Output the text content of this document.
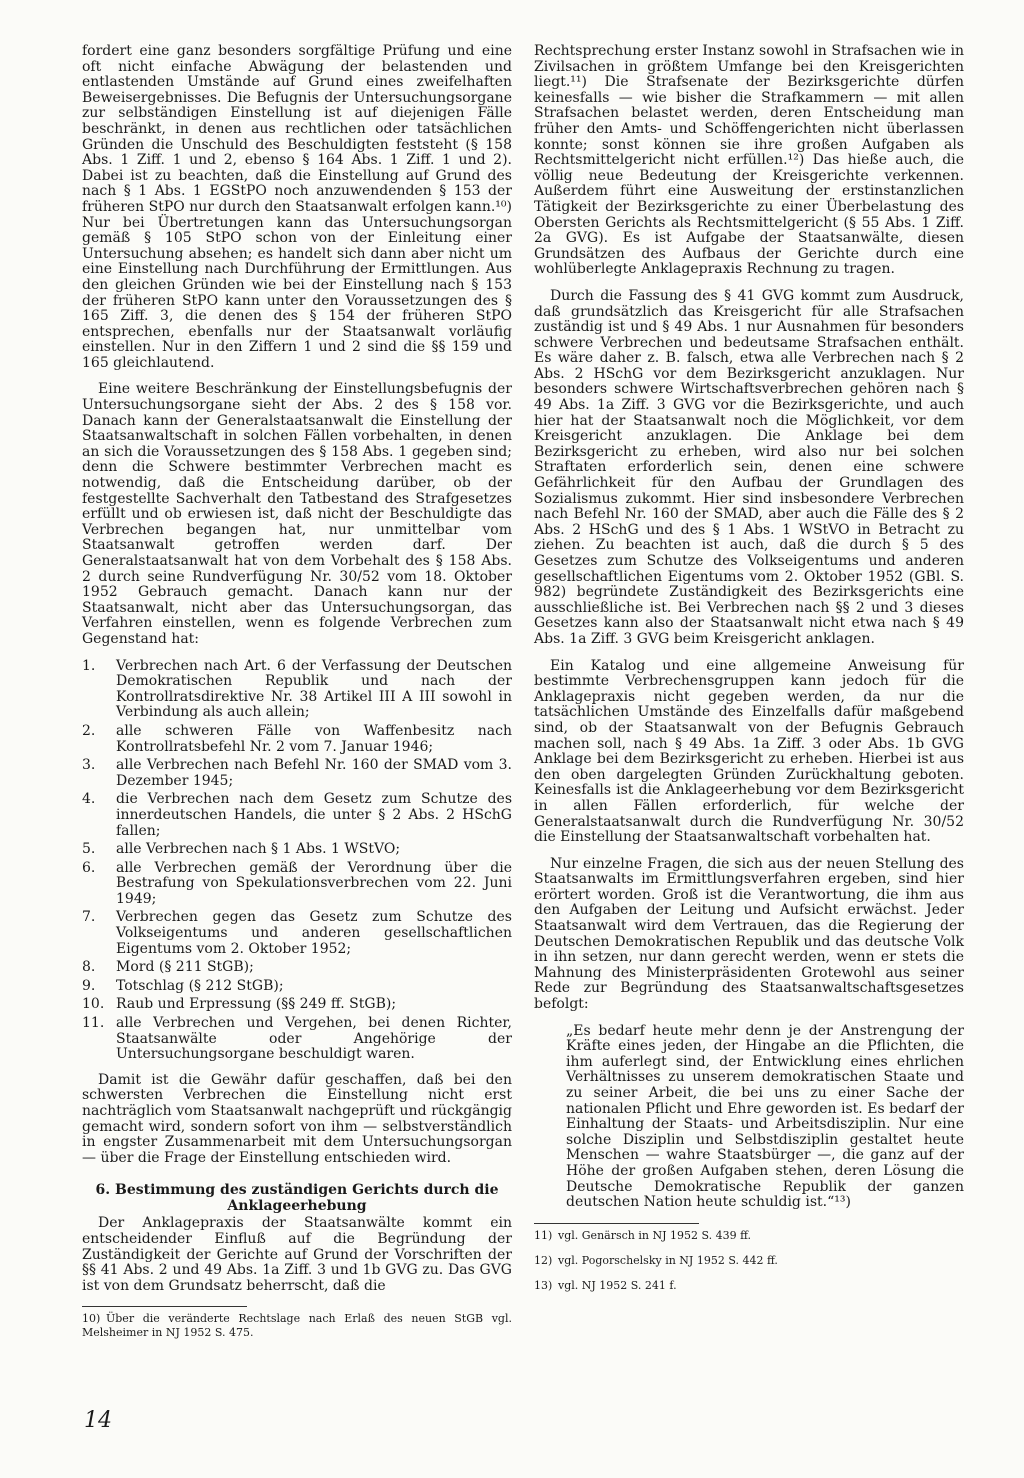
fordert eine ganz besonders sorgfältige Prüfung und eine oft nicht einfache Abwägung der belastenden und entlastenden Umstände auf Grund eines zweifelhaften Beweisergebnisses. Die Befugnis der Untersuchungsorgane zur selbständigen Einstellung ist auf diejenigen Fälle beschränkt, in denen aus rechtlichen oder tatsächlichen Gründen die Unschuld des Beschuldigten feststeht (§ 158 Abs. 1 Ziff. 1 und 2, ebenso § 164 Abs. 1 Ziff. 1 und 2). Dabei ist zu beachten, daß die Einstellung auf Grund des nach § 1 Abs. 1 EGStPO noch anzuwendenden § 153 der früheren StPO nur durch den Staatsanwalt erfolgen kann.¹⁰) Nur bei Übertretungen kann das Untersuchungsorgan gemäß § 105 StPO schon von der Einleitung einer Untersuchung absehen; es handelt sich dann aber nicht um eine Einstellung nach Durchführung der Ermittlungen. Aus den gleichen Gründen wie bei der Einstellung nach § 153 der früheren StPO kann unter den Voraussetzungen des § 165 Ziff. 3, die denen des § 154 der früheren StPO entsprechen, ebenfalls nur der Staatsanwalt vorläufig einstellen. Nur in den Ziffern 1 und 2 sind die §§ 159 und 165 gleichlautend.

Eine weitere Beschränkung der Einstellungsbefugnis der Untersuchungsorgane sieht der Abs. 2 des § 158 vor. Danach kann der Generalstaatsanwalt die Einstellung der Staatsanwaltschaft in solchen Fällen vorbehalten, in denen an sich die Voraussetzungen des § 158 Abs. 1 gegeben sind; denn die Schwere bestimmter Verbrechen macht es notwendig, daß die Entscheidung darüber, ob der festgestellte Sachverhalt den Tatbestand des Strafgesetzes erfüllt und ob erwiesen ist, daß nicht der Beschuldigte das Verbrechen begangen hat, nur unmittelbar vom Staatsanwalt getroffen werden darf. Der Generalstaatsanwalt hat von dem Vorbehalt des § 158 Abs. 2 durch seine Rundverfügung Nr. 30/52 vom 18. Oktober 1952 Gebrauch gemacht. Danach kann nur der Staatsanwalt, nicht aber das Untersuchungsorgan, das Verfahren einstellen, wenn es folgende Verbrechen zum Gegenstand hat:

1.	Verbrechen nach Art. 6 der Verfassung der Deutschen Demokratischen Republik und nach der Kontrollratsdirektive Nr. 38 Artikel III A III sowohl in Verbindung als auch allein;
2.	alle schweren Fälle von Waffenbesitz nach Kontrollratsbefehl Nr. 2 vom 7. Januar 1946;
3.	alle Verbrechen nach Befehl Nr. 160 der SMAD vom 3. Dezember 1945;
4.	die Verbrechen nach dem Gesetz zum Schutze des innerdeutschen Handels, die unter § 2 Abs. 2 HSchG fallen;
5.	alle Verbrechen nach § 1 Abs. 1 WStVO;
6.	alle Verbrechen gemäß der Verordnung über die Bestrafung von Spekulationsverbrechen vom 22. Juni 1949;
7.	Verbrechen gegen das Gesetz zum Schutze des Volkseigentums und anderen gesellschaftlichen Eigentums vom 2. Oktober 1952;
8.	Mord (§ 211 StGB);
9.	Totschlag (§ 212 StGB);
10. Raub und Erpressung (§§ 249 ff. StGB);
11. alle Verbrechen und Vergehen, bei denen Richter, Staatsanwälte oder Angehörige der Untersuchungsorgane beschuldigt waren.

Damit ist die Gewähr dafür geschaffen, daß bei den schwersten Verbrechen die Einstellung nicht erst nachträglich vom Staatsanwalt nachgeprüft und rückgängig gemacht wird, sondern sofort von ihm — selbstverständlich in engster Zusammenarbeit mit dem Untersuchungsorgan — über die Frage der Einstellung entschieden wird.

6. Bestimmung des zuständigen Gerichts durch die Anklageerhebung

Der Anklagepraxis der Staatsanwälte kommt ein entscheidender Einfluß auf die Begründung der Zuständigkeit der Gerichte auf Grund der Vorschriften der §§ 41 Abs. 2 und 49 Abs. 1a Ziff. 3 und 1b GVG zu. Das GVG ist von dem Grundsatz beherrscht, daß die

10) Über die veränderte Rechtslage nach Erlaß des neuen StGB vgl. Melsheimer in NJ 1952 S. 475.

Rechtsprechung erster Instanz sowohl in Strafsachen wie in Zivilsachen in größtem Umfange bei den Kreisgerichten liegt.¹¹) Die Strafsenate der Bezirksgerichte dürfen keinesfalls — wie bisher die Strafkammern — mit allen Strafsachen belastet werden, deren Entscheidung man früher den Amts- und Schöffengerichten nicht überlassen konnte; sonst können sie ihre großen Aufgaben als Rechtsmittelgericht nicht erfüllen.¹²) Das hieße auch, die völlig neue Bedeutung der Kreisgerichte verkennen. Außerdem führt eine Ausweitung der erstinstanzlichen Tätigkeit der Bezirksgerichte zu einer Überbelastung des Obersten Gerichts als Rechtsmittelgericht (§ 55 Abs. 1 Ziff. 2a GVG). Es ist Aufgabe der Staatsanwälte, diesen Grundsätzen des Aufbaus der Gerichte durch eine wohlüberlegte Anklagepraxis Rechnung zu tragen.

Durch die Fassung des § 41 GVG kommt zum Ausdruck, daß grundsätzlich das Kreisgericht für alle Strafsachen zuständig ist und § 49 Abs. 1 nur Ausnahmen für besonders schwere Verbrechen und bedeutsame Strafsachen enthält. Es wäre daher z. B. falsch, etwa alle Verbrechen nach § 2 Abs. 2 HSchG vor dem Bezirksgericht anzuklagen. Nur besonders schwere Wirtschaftsverbrechen gehören nach § 49 Abs. 1a Ziff. 3 GVG vor die Bezirksgerichte, und auch hier hat der Staatsanwalt noch die Möglichkeit, vor dem Kreisgericht anzuklagen. Die Anklage bei dem Bezirksgericht zu erheben, wird also nur bei solchen Straftaten erforderlich sein, denen eine schwere Gefährlichkeit für den Aufbau der Grundlagen des Sozialismus zukommt. Hier sind insbesondere Verbrechen nach Befehl Nr. 160 der SMAD, aber auch die Fälle des § 2 Abs. 2 HSchG und des § 1 Abs. 1 WStVO in Betracht zu ziehen. Zu beachten ist auch, daß die durch § 5 des Gesetzes zum Schutze des Volkseigentums und anderen gesellschaftlichen Eigentums vom 2. Oktober 1952 (GBl. S. 982) begründete Zuständigkeit des Bezirksgerichts eine ausschließliche ist. Bei Verbrechen nach §§ 2 und 3 dieses Gesetzes kann also der Staatsanwalt nicht etwa nach § 49 Abs. 1a Ziff. 3 GVG beim Kreisgericht anklagen.

Ein Katalog und eine allgemeine Anweisung für bestimmte Verbrechensgruppen kann jedoch für die Anklagepraxis nicht gegeben werden, da nur die tatsächlichen Umstände des Einzelfalls dafür maßgebend sind, ob der Staatsanwalt von der Befugnis Gebrauch machen soll, nach § 49 Abs. 1a Ziff. 3 oder Abs. 1b GVG Anklage bei dem Bezirksgericht zu erheben. Hierbei ist aus den oben dargelegten Gründen Zurückhaltung geboten. Keinesfalls ist die Anklageerhebung vor dem Bezirksgericht in allen Fällen erforderlich, für welche der Generalstaatsanwalt durch die Rundverfügung Nr. 30/52 die Einstellung der Staatsanwaltschaft vorbehalten hat.

Nur einzelne Fragen, die sich aus der neuen Stellung des Staatsanwalts im Ermittlungsverfahren ergeben, sind hier erörtert worden. Groß ist die Verantwortung, die ihm aus den Aufgaben der Leitung und Aufsicht erwächst. Jeder Staatsanwalt wird dem Vertrauen, das die Regierung der Deutschen Demokratischen Republik und das deutsche Volk in ihn setzen, nur dann gerecht werden, wenn er stets die Mahnung des Ministerpräsidenten Grotewohl aus seiner Rede zur Begründung des Staatsanwaltschaftsgesetzes befolgt:

„Es bedarf heute mehr denn je der Anstrengung der Kräfte eines jeden, der Hingabe an die Pflichten, die ihm auferlegt sind, der Entwicklung eines ehrlichen Verhältnisses zu unserem demokratischen Staate und zu seiner Arbeit, die bei uns zu einer Sache der nationalen Pflicht und Ehre geworden ist. Es bedarf der Einhaltung der Staats- und Arbeitsdisziplin. Nur eine solche Disziplin und Selbstdisziplin gestaltet heute Menschen — wahre Staatsbürger —, die ganz auf der Höhe der großen Aufgaben stehen, deren Lösung die Deutsche Demokratische Republik der ganzen deutschen Nation heute schuldig ist.“¹³)

11) vgl. Genärsch in NJ 1952 S. 439 ff.

12) vgl. Pogorschelsky in NJ 1952 S. 442 ff.

13) vgl. NJ 1952 S. 241 f.

14
